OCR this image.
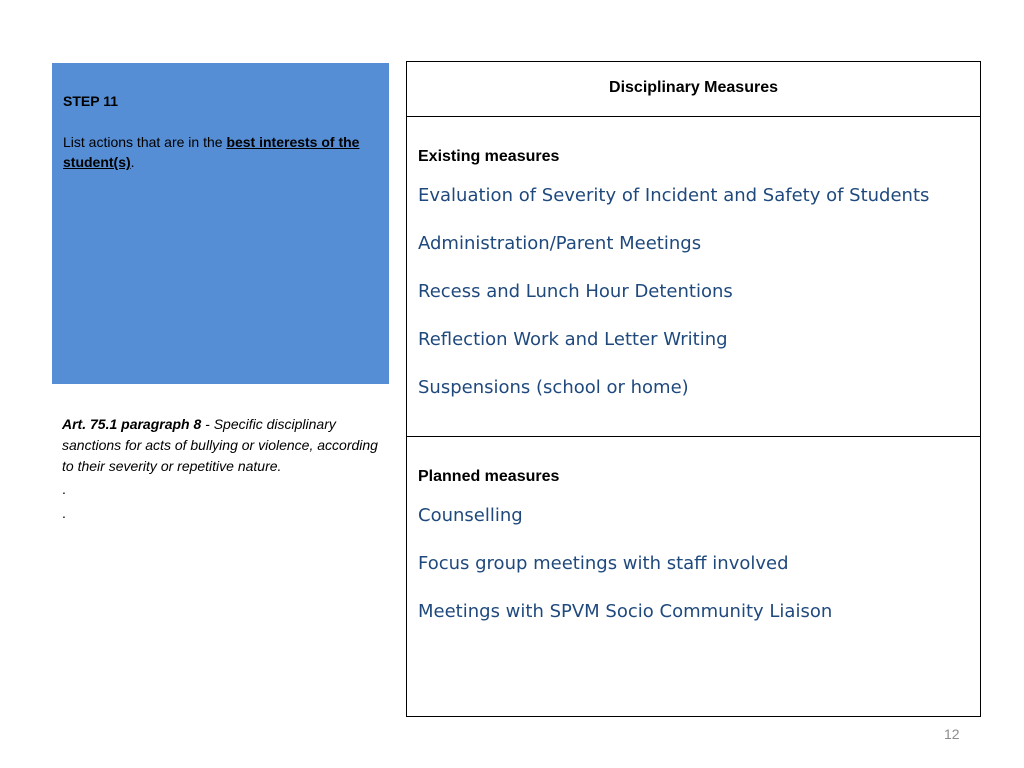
STEP 11

List actions that are in the best interests of the student(s).

Art. 75.1 paragraph 8 - Specific disciplinary sanctions for acts of bullying or violence, according to their severity or repetitive nature.
.
.
Disciplinary Measures
Existing measures
Evaluation of Severity of Incident and Safety of Students
Administration/Parent Meetings
Recess and Lunch Hour Detentions
Reflection Work and Letter Writing
Suspensions (school or home)
Planned measures
Counselling
Focus group meetings with staff involved
Meetings with SPVM Socio Community Liaison
12
